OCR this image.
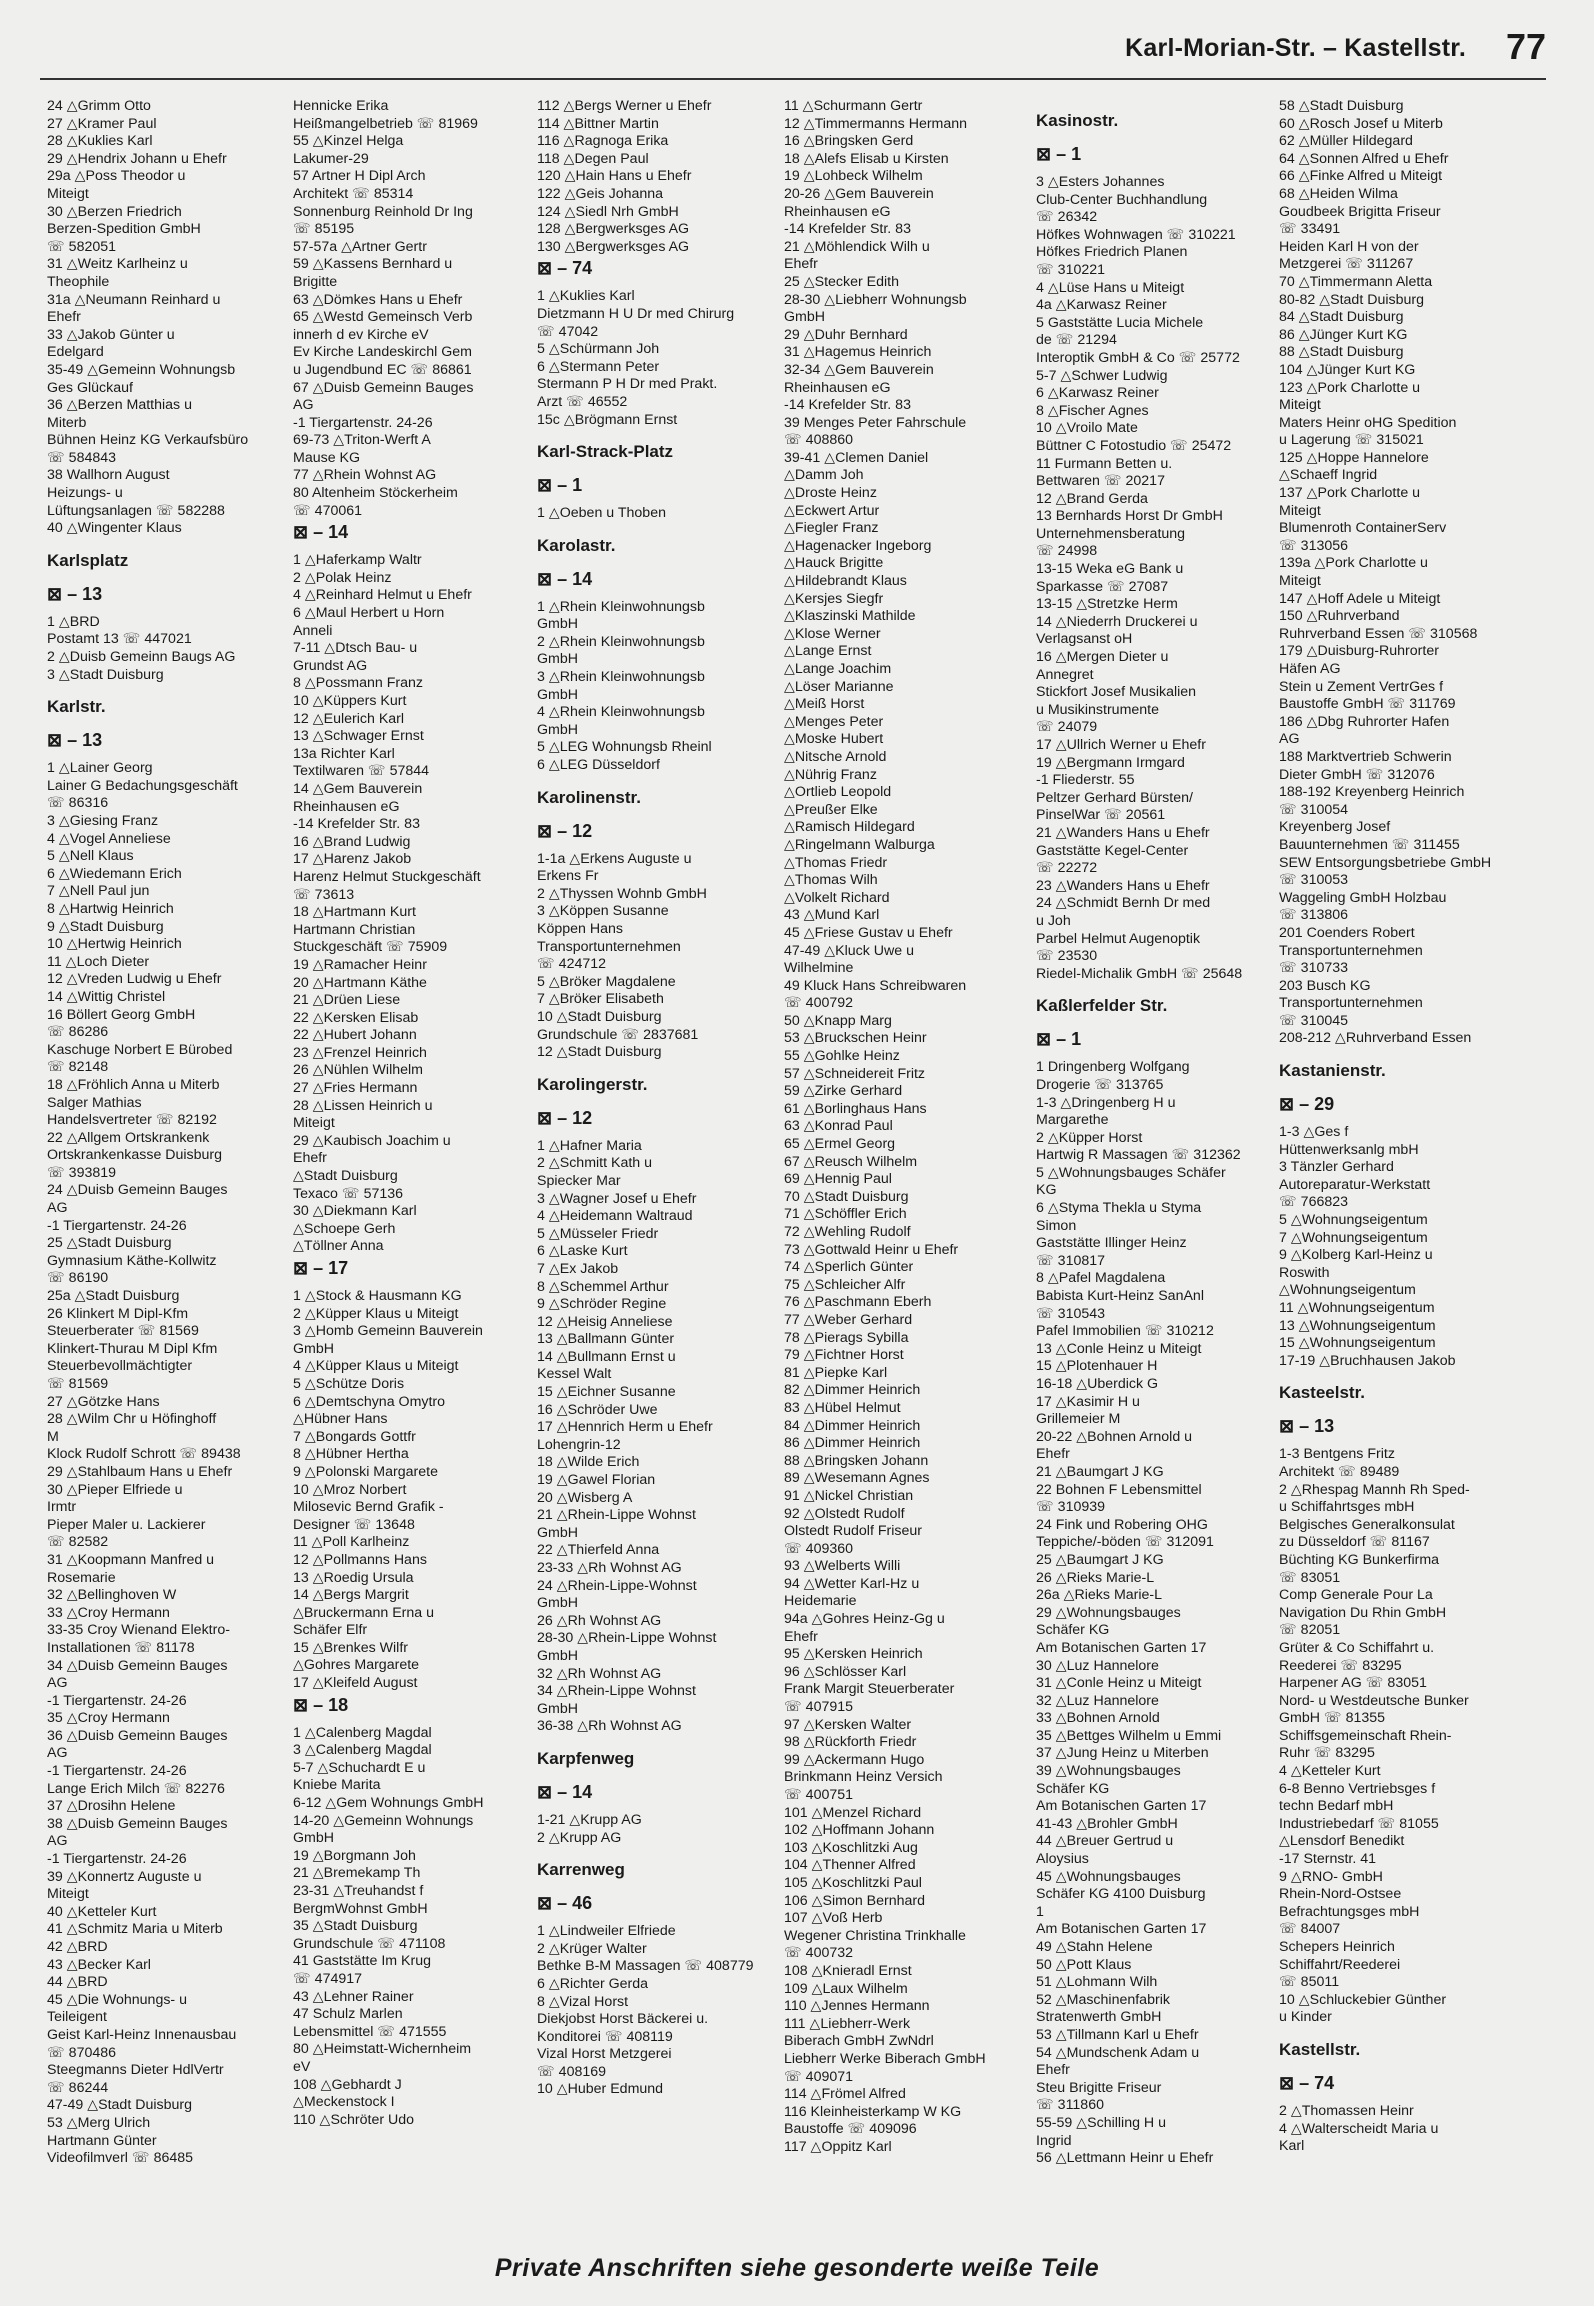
Karl-Morian-Str. – Kastellstr. 77
24 △Grimm Otto
27 △Kramer Paul
28 △Kuklies Karl
29 △Hendrix Johann u Ehefr
29a △Poss Theodor u
Miteigt
30 △Berzen Friedrich
Berzen-Spedition GmbH
☏ 582051
31 △Weitz Karlheinz u
Theophile
31a △Neumann Reinhard u
Ehefr
33 △Jakob Günter u
Edelgard
35-49 △Gemeinn Wohnungsb
Ges Glückauf
36 △Berzen Matthias u
Miterb
Bühnen Heinz KG Verkaufsbüro
☏ 584843
38 Wallhorn August
Heizungs- u
Lüftungsanlagen ☏ 582288
40 △Wingenter Klaus
Karlsplatz
⊠ – 13
1 △BRD
Postamt 13 ☏ 447021
2 △Duisb Gemeinn Baugs AG
3 △Stadt Duisburg
Karlstr.
⊠ – 13
1 △Lainer Georg
Lainer G Bedachungsgeschäft
☏ 86316
3 △Giesing Franz
4 △Vogel Anneliese
5 △Nell Klaus
6 △Wiedemann Erich
7 △Nell Paul jun
8 △Hartwig Heinrich
9 △Stadt Duisburg
10 △Hertwig Heinrich
11 △Loch Dieter
12 △Vreden Ludwig u Ehefr
14 △Wittig Christel
16 Böllert Georg GmbH
☏ 86286
Kaschuge Norbert E Bürobed
☏ 82148
18 △Fröhlich Anna u Miterb
Salger Mathias
Handelsvertreter ☏ 82192
22 △Allgem Ortskrankenk
Ortskrankenkasse Duisburg
☏ 393819
24 △Duisb Gemeinn Bauges
AG
-1 Tiergartenstr. 24-26
25 △Stadt Duisburg
Gymnasium Käthe-Kollwitz
☏ 86190
25a △Stadt Duisburg
26 Klinkert M Dipl-Kfm
Steuerberater ☏ 81569
Klinkert-Thurau M Dipl Kfm
Steuerbevollmächtigter
☏ 81569
27 △Götzke Hans
28 △Wilm Chr u Höfinghoff
M
Klock Rudolf Schrott ☏ 89438
29 △Stahlbaum Hans u Ehefr
30 △Pieper Elfriede u
Irmtr
Pieper Maler u. Lackierer
☏ 82582
31 △Koopmann Manfred u
Rosemarie
32 △Bellinghoven W
33 △Croy Hermann
33-35 Croy Wienand Elektro-
Installationen ☏ 81178
34 △Duisb Gemeinn Bauges
AG
-1 Tiergartenstr. 24-26
35 △Croy Hermann
36 △Duisb Gemeinn Bauges
AG
-1 Tiergartenstr. 24-26
Lange Erich Milch ☏ 82276
37 △Drosihn Helene
38 △Duisb Gemeinn Bauges
AG
-1 Tiergartenstr. 24-26
39 △Konnertz Auguste u
Miteigt
40 △Ketteler Kurt
41 △Schmitz Maria u Miterb
42 △BRD
43 △Becker Karl
44 △BRD
45 △Die Wohnungs- u
Teileigent
Geist Karl-Heinz Innenausbau
☏ 870486
Steegmanns Dieter HdlVertr
☏ 86244
47-49 △Stadt Duisburg
53 △Merg Ulrich
Hartmann Günter
Videofilmverl ☏ 86485
Hennicke Erika
Heißmangelbetrieb ☏ 81969
55 △Kinzel Helga
Lakumer-29
57 Artner H Dipl Arch
Architekt ☏ 85314
Sonnenburg Reinhold Dr Ing
☏ 85195
57-57a △Artner Gertr
59 △Kassens Bernhard u
Brigitte
63 △Dömkes Hans u Ehefr
65 △Westd Gemeinsch Verb
innerh d ev Kirche eV
Ev Kirche Landeskirchl Gem
u Jugendbund EC ☏ 86861
67 △Duisb Gemeinn Bauges
AG
-1 Tiergartenstr. 24-26
69-73 △Triton-Werft A
Mause KG
77 △Rhein Wohnst AG
80 Altenheim Stöckerheim
☏ 470061
⊠ – 14
1 △Haferkamp Waltr
2 △Polak Heinz
4 △Reinhard Helmut u Ehefr
6 △Maul Herbert u Horn
Anneli
7-11 △Dtsch Bau- u
Grundst AG
8 △Possmann Franz
10 △Küppers Kurt
12 △Eulerich Karl
13 △Schwager Ernst
13a Richter Karl
Textilwaren ☏ 57844
14 △Gem Bauverein
Rheinhausen eG
-14 Krefelder Str. 83
16 △Brand Ludwig
17 △Harenz Jakob
Harenz Helmut Stuckgeschäft
☏ 73613
18 △Hartmann Kurt
Hartmann Christian
Stuckgeschäft ☏ 75909
19 △Ramacher Heinr
20 △Hartmann Käthe
21 △Drüen Liese
22 △Kersken Elisab
22 △Hubert Johann
23 △Frenzel Heinrich
26 △Nühlen Wilhelm
27 △Fries Hermann
28 △Lissen Heinrich u
Miteigt
29 △Kaubisch Joachim u
Ehefr
△Stadt Duisburg
Texaco ☏ 57136
30 △Diekmann Karl
△Schoepe Gerh
△Töllner Anna
⊠ – 17
1 △Stock & Hausmann KG
2 △Küpper Klaus u Miteigt
3 △Homb Gemeinn Bauverein
GmbH
4 △Küpper Klaus u Miteigt
5 △Schütze Doris
6 △Demtschyna Omytro
△Hübner Hans
7 △Bongards Gottfr
8 △Hübner Hertha
9 △Polonski Margarete
10 △Mroz Norbert
Milosevic Bernd Grafik -
Designer ☏ 13648
11 △Poll Karlheinz
12 △Pollmanns Hans
13 △Roedig Ursula
14 △Bergs Margrit
△Bruckermann Erna u
Schäfer Elfr
15 △Brenkes Wilfr
△Gohres Margarete
17 △Kleifeld August
⊠ – 18
1 △Calenberg Magdal
3 △Calenberg Magdal
5-7 △Schuchardt E u
Kniebe Marita
6-12 △Gem Wohnungs GmbH
14-20 △Gemeinn Wohnungs
GmbH
19 △Borgmann Joh
21 △Bremekamp Th
23-31 △Treuhandst f
BergmWohnst GmbH
35 △Stadt Duisburg
Grundschule ☏ 471108
41 Gaststätte Im Krug
☏ 474917
43 △Lehner Rainer
47 Schulz Marlen
Lebensmittel ☏ 471555
80 △Heimstatt-Wichernheim
eV
108 △Gebhardt J
△Meckenstock I
110 △Schröter Udo
112 △Bergs Werner u Ehefr
114 △Bittner Martin
116 △Ragnoga Erika
118 △Degen Paul
120 △Hain Hans u Ehefr
122 △Geis Johanna
124 △Siedl Nrh GmbH
128 △Bergwerksges AG
130 △Bergwerksges AG
⊠ – 74
1 △Kuklies Karl
Dietzmann H U Dr med Chirurg
☏ 47042
5 △Schürmann Joh
6 △Stermann Peter
Stermann P H Dr med Prakt.
Arzt ☏ 46552
15c △Brögmann Ernst
Karl-Strack-Platz
⊠ – 1
1 △Oeben u Thoben
Karolastr.
⊠ – 14
1 △Rhein Kleinwohnungsb
GmbH
2 △Rhein Kleinwohnungsb
GmbH
3 △Rhein Kleinwohnungsb
GmbH
4 △Rhein Kleinwohnungsb
GmbH
5 △LEG Wohnungsb Rheinl
6 △LEG Düsseldorf
Karolinenstr.
⊠ – 12
1-1a △Erkens Auguste u
Erkens Fr
2 △Thyssen Wohnb GmbH
3 △Köppen Susanne
Köppen Hans
Transportunternehmen
☏ 424712
5 △Bröker Magdalene
7 △Bröker Elisabeth
10 △Stadt Duisburg
Grundschule ☏ 2837681
12 △Stadt Duisburg
Karolingerstr.
⊠ – 12
1 △Hafner Maria
2 △Schmitt Kath u
Spiecker Mar
3 △Wagner Josef u Ehefr
4 △Heidemann Waltraud
5 △Müsseler Friedr
6 △Laske Kurt
7 △Ex Jakob
8 △Schemmel Arthur
9 △Schröder Regine
12 △Heisig Anneliese
13 △Ballmann Günter
14 △Bullmann Ernst u
Kessel Walt
15 △Eichner Susanne
16 △Schröder Uwe
17 △Hennrich Herm u Ehefr
Lohengrin-12
18 △Wilde Erich
19 △Gawel Florian
20 △Wisberg A
21 △Rhein-Lippe Wohnst
GmbH
22 △Thierfeld Anna
23-33 △Rh Wohnst AG
24 △Rhein-Lippe-Wohnst
GmbH
26 △Rh Wohnst AG
28-30 △Rhein-Lippe Wohnst
GmbH
32 △Rh Wohnst AG
34 △Rhein-Lippe Wohnst
GmbH
36-38 △Rh Wohnst AG
Karpfenweg
⊠ – 14
1-21 △Krupp AG
2 △Krupp AG
Karrenweg
⊠ – 46
1 △Lindweiler Elfriede
2 △Krüger Walter
Bethke B-M Massagen ☏ 408779
6 △Richter Gerda
8 △Vizal Horst
Diekjobst Horst Bäckerei u.
Konditorei ☏ 408119
Vizal Horst Metzgerei
☏ 408169
10 △Huber Edmund
11 △Schurmann Gertr
12 △Timmermanns Hermann
16 △Bringsken Gerd
18 △Alefs Elisab u Kirsten
19 △Lohbeck Wilhelm
20-26 △Gem Bauverein
Rheinhausen eG
-14 Krefelder Str. 83
21 △Möhlendick Wilh u
Ehefr
25 △Stecker Edith
28-30 △Liebherr Wohnungsb
GmbH
29 △Duhr Bernhard
31 △Hagemus Heinrich
32-34 △Gem Bauverein
Rheinhausen eG
-14 Krefelder Str. 83
39 Menges Peter Fahrschule
☏ 408860
39-41 △Clemen Daniel
△Damm Joh
△Droste Heinz
△Eckwert Artur
△Fiegler Franz
△Hagenacker Ingeborg
△Hauck Brigitte
△Hildebrandt Klaus
△Kersjes Siegfr
△Klaszinski Mathilde
△Klose Werner
△Lange Ernst
△Lange Joachim
△Löser Marianne
△Meiß Horst
△Menges Peter
△Moske Hubert
△Nitsche Arnold
△Nührig Franz
△Ortlieb Leopold
△Preußer Elke
△Ramisch Hildegard
△Ringelmann Walburga
△Thomas Friedr
△Thomas Wilh
△Volkelt Richard
43 △Mund Karl
45 △Friese Gustav u Ehefr
47-49 △Kluck Uwe u
Wilhelmine
49 Kluck Hans Schreibwaren
☏ 400792
50 △Knapp Marg
53 △Bruckschen Heinr
55 △Gohlke Heinz
57 △Schneidereit Fritz
59 △Zirke Gerhard
61 △Borlinghaus Hans
63 △Konrad Paul
65 △Ermel Georg
67 △Reusch Wilhelm
69 △Hennig Paul
70 △Stadt Duisburg
71 △Schöffler Erich
72 △Wehling Rudolf
73 △Gottwald Heinr u Ehefr
74 △Sperlich Günter
75 △Schleicher Alfr
76 △Paschmann Eberh
77 △Weber Gerhard
78 △Pierags Sybilla
79 △Fichtner Horst
81 △Piepke Karl
82 △Dimmer Heinrich
83 △Hübel Helmut
84 △Dimmer Heinrich
86 △Dimmer Heinrich
88 △Bringsken Johann
89 △Wesemann Agnes
91 △Nickel Christian
92 △Olstedt Rudolf
Olstedt Rudolf Friseur
☏ 409360
93 △Welberts Willi
94 △Wetter Karl-Hz u
Heidemarie
94a △Gohres Heinz-Gg u
Ehefr
95 △Kersken Heinrich
96 △Schlösser Karl
Frank Margit Steuerberater
☏ 407915
97 △Kersken Walter
98 △Rückforth Friedr
99 △Ackermann Hugo
Brinkmann Heinz Versich
☏ 400751
101 △Menzel Richard
102 △Hoffmann Johann
103 △Koschlitzki Aug
104 △Thenner Alfred
105 △Koschlitzki Paul
106 △Simon Bernhard
107 △Voß Herb
Wegener Christina Trinkhalle
☏ 400732
108 △Knieradl Ernst
109 △Laux Wilhelm
110 △Jennes Hermann
111 △Liebherr-Werk
Biberach GmbH ZwNdrl
Liebherr Werke Biberach GmbH
☏ 409071
114 △Frömel Alfred
116 Kleinheisterkamp W KG
Baustoffe ☏ 409096
117 △Oppitz Karl
Kasinostr.
⊠ – 1
3 △Esters Johannes
Club-Center Buchhandlung
☏ 26342
Höfkes Wohnwagen ☏ 310221
Höfkes Friedrich Planen
☏ 310221
4 △Lüse Hans u Miteigt
4a △Karwasz Reiner
5 Gaststätte Lucia Michele
de ☏ 21294
Interoptik GmbH & Co ☏ 25772
5-7 △Schwer Ludwig
6 △Karwasz Reiner
8 △Fischer Agnes
10 △Vroilo Mate
Büttner C Fotostudio ☏ 25472
11 Furmann Betten u.
Bettwaren ☏ 20217
12 △Brand Gerda
13 Bernhards Horst Dr GmbH
Unternehmensberatung
☏ 24998
13-15 Weka eG Bank u
Sparkasse ☏ 27087
13-15 △Stretzke Herm
14 △Niederrh Druckerei u
Verlagsanst oH
16 △Mergen Dieter u
Annegret
Stickfort Josef Musikalien
u Musikinstrumente
☏ 24079
17 △Ullrich Werner u Ehefr
19 △Bergmann Irmgard
-1 Fliederstr. 55
Peltzer Gerhard Bürsten/
PinselWar ☏ 20561
21 △Wanders Hans u Ehefr
Gaststätte Kegel-Center
☏ 22272
23 △Wanders Hans u Ehefr
24 △Schmidt Bernh Dr med
u Joh
Parbel Helmut Augenoptik
☏ 23530
Riedel-Michalik GmbH ☏ 25648
Kaßlerfelder Str.
⊠ – 1
1 Dringenberg Wolfgang
Drogerie ☏ 313765
1-3 △Dringenberg H u
Margarethe
2 △Küpper Horst
Hartwig R Massagen ☏ 312362
5 △Wohnungsbauges Schäfer
KG
6 △Styma Thekla u Styma
Simon
Gaststätte Illinger Heinz
☏ 310817
8 △Pafel Magdalena
Babista Kurt-Heinz SanAnl
☏ 310543
Pafel Immobilien ☏ 310212
13 △Conle Heinz u Miteigt
15 △Plotenhauer H
16-18 △Uberdick G
17 △Kasimir H u
Grillemeier M
20-22 △Bohnen Arnold u
Ehefr
21 △Baumgart J KG
22 Bohnen F Lebensmittel
☏ 310939
24 Fink und Robering OHG
Teppiche/-böden ☏ 312091
25 △Baumgart J KG
26 △Rieks Marie-L
26a △Rieks Marie-L
29 △Wohnungsbauges
Schäfer KG
Am Botanischen Garten 17
30 △Luz Hannelore
31 △Conle Heinz u Miteigt
32 △Luz Hannelore
33 △Bohnen Arnold
35 △Bettges Wilhelm u Emmi
37 △Jung Heinz u Miterben
39 △Wohnungsbauges
Schäfer KG
Am Botanischen Garten 17
41-43 △Brohler GmbH
44 △Breuer Gertrud u
Aloysius
45 △Wohnungsbauges
Schäfer KG 4100 Duisburg
1
Am Botanischen Garten 17
49 △Stahn Helene
50 △Pott Klaus
51 △Lohmann Wilh
52 △Maschinenfabrik
Stratenwerth GmbH
53 △Tillmann Karl u Ehefr
54 △Mundschenk Adam u
Ehefr
Steu Brigitte Friseur
☏ 311860
55-59 △Schilling H u
Ingrid
56 △Lettmann Heinr u Ehefr
58 △Stadt Duisburg
60 △Rosch Josef u Miterb
62 △Müller Hildegard
64 △Sonnen Alfred u Ehefr
66 △Finke Alfred u Miteigt
68 △Heiden Wilma
Goudbeek Brigitta Friseur
☏ 33491
Heiden Karl H von der
Metzgerei ☏ 311267
70 △Timmermann Aletta
80-82 △Stadt Duisburg
84 △Stadt Duisburg
86 △Jünger Kurt KG
88 △Stadt Duisburg
104 △Jünger Kurt KG
123 △Pork Charlotte u
Miteigt
Maters Heinr oHG Spedition
u Lagerung ☏ 315021
125 △Hoppe Hannelore
△Schaeff Ingrid
137 △Pork Charlotte u
Miteigt
Blumenroth ContainerServ
☏ 313056
139a △Pork Charlotte u
Miteigt
147 △Hoff Adele u Miteigt
150 △Ruhrverband
Ruhrverband Essen ☏ 310568
179 △Duisburg-Ruhrorter
Häfen AG
Stein u Zement VertrGes f
Baustoffe GmbH ☏ 311769
186 △Dbg Ruhrorter Hafen
AG
188 Marktvertrieb Schwerin
Dieter GmbH ☏ 312076
188-192 Kreyenberg Heinrich
☏ 310054
Kreyenberg Josef
Bauunternehmen ☏ 311455
SEW Entsorgungsbetriebe GmbH
☏ 310053
Waggeling GmbH Holzbau
☏ 313806
201 Coenders Robert
Transportunternehmen
☏ 310733
203 Busch KG
Transportunternehmen
☏ 310045
208-212 △Ruhrverband Essen
Kastanienstr.
⊠ – 29
1-3 △Ges f
Hüttenwerksanlg mbH
3 Tänzler Gerhard
Autoreparatur-Werkstatt
☏ 766823
5 △Wohnungseigentum
7 △Wohnungseigentum
9 △Kolberg Karl-Heinz u
Roswith
△Wohnungseigentum
11 △Wohnungseigentum
13 △Wohnungseigentum
15 △Wohnungseigentum
17-19 △Bruchhausen Jakob
Kasteelstr.
⊠ – 13
1-3 Bentgens Fritz
Architekt ☏ 89489
2 △Rhespag Mannh Rh Sped-
u Schiffahrtsges mbH
Belgisches Generalkonsulat
zu Düsseldorf ☏ 81167
Büchting KG Bunkerfirma
☏ 83051
Comp Generale Pour La
Navigation Du Rhin GmbH
☏ 82051
Grüter & Co Schiffahrt u.
Reederei ☏ 83295
Harpener AG ☏ 83051
Nord- u Westdeutsche Bunker
GmbH ☏ 81355
Schiffsgemeinschaft Rhein-
Ruhr ☏ 83295
4 △Ketteler Kurt
6-8 Benno Vertriebsges f
techn Bedarf mbH
Industriebedarf ☏ 81055
△Lensdorf Benedikt
-17 Sternstr. 41
9 △RNO- GmbH
Rhein-Nord-Ostsee
Befrachtungsges mbH
☏ 84007
Schepers Heinrich
Schiffahrt/Reederei
☏ 85011
10 △Schluckebier Günther
u Kinder
Kastellstr.
⊠ – 74
2 △Thomassen Heinr
4 △Walterscheidt Maria u
Karl
Private Anschriften siehe gesonderte weiße Teile
